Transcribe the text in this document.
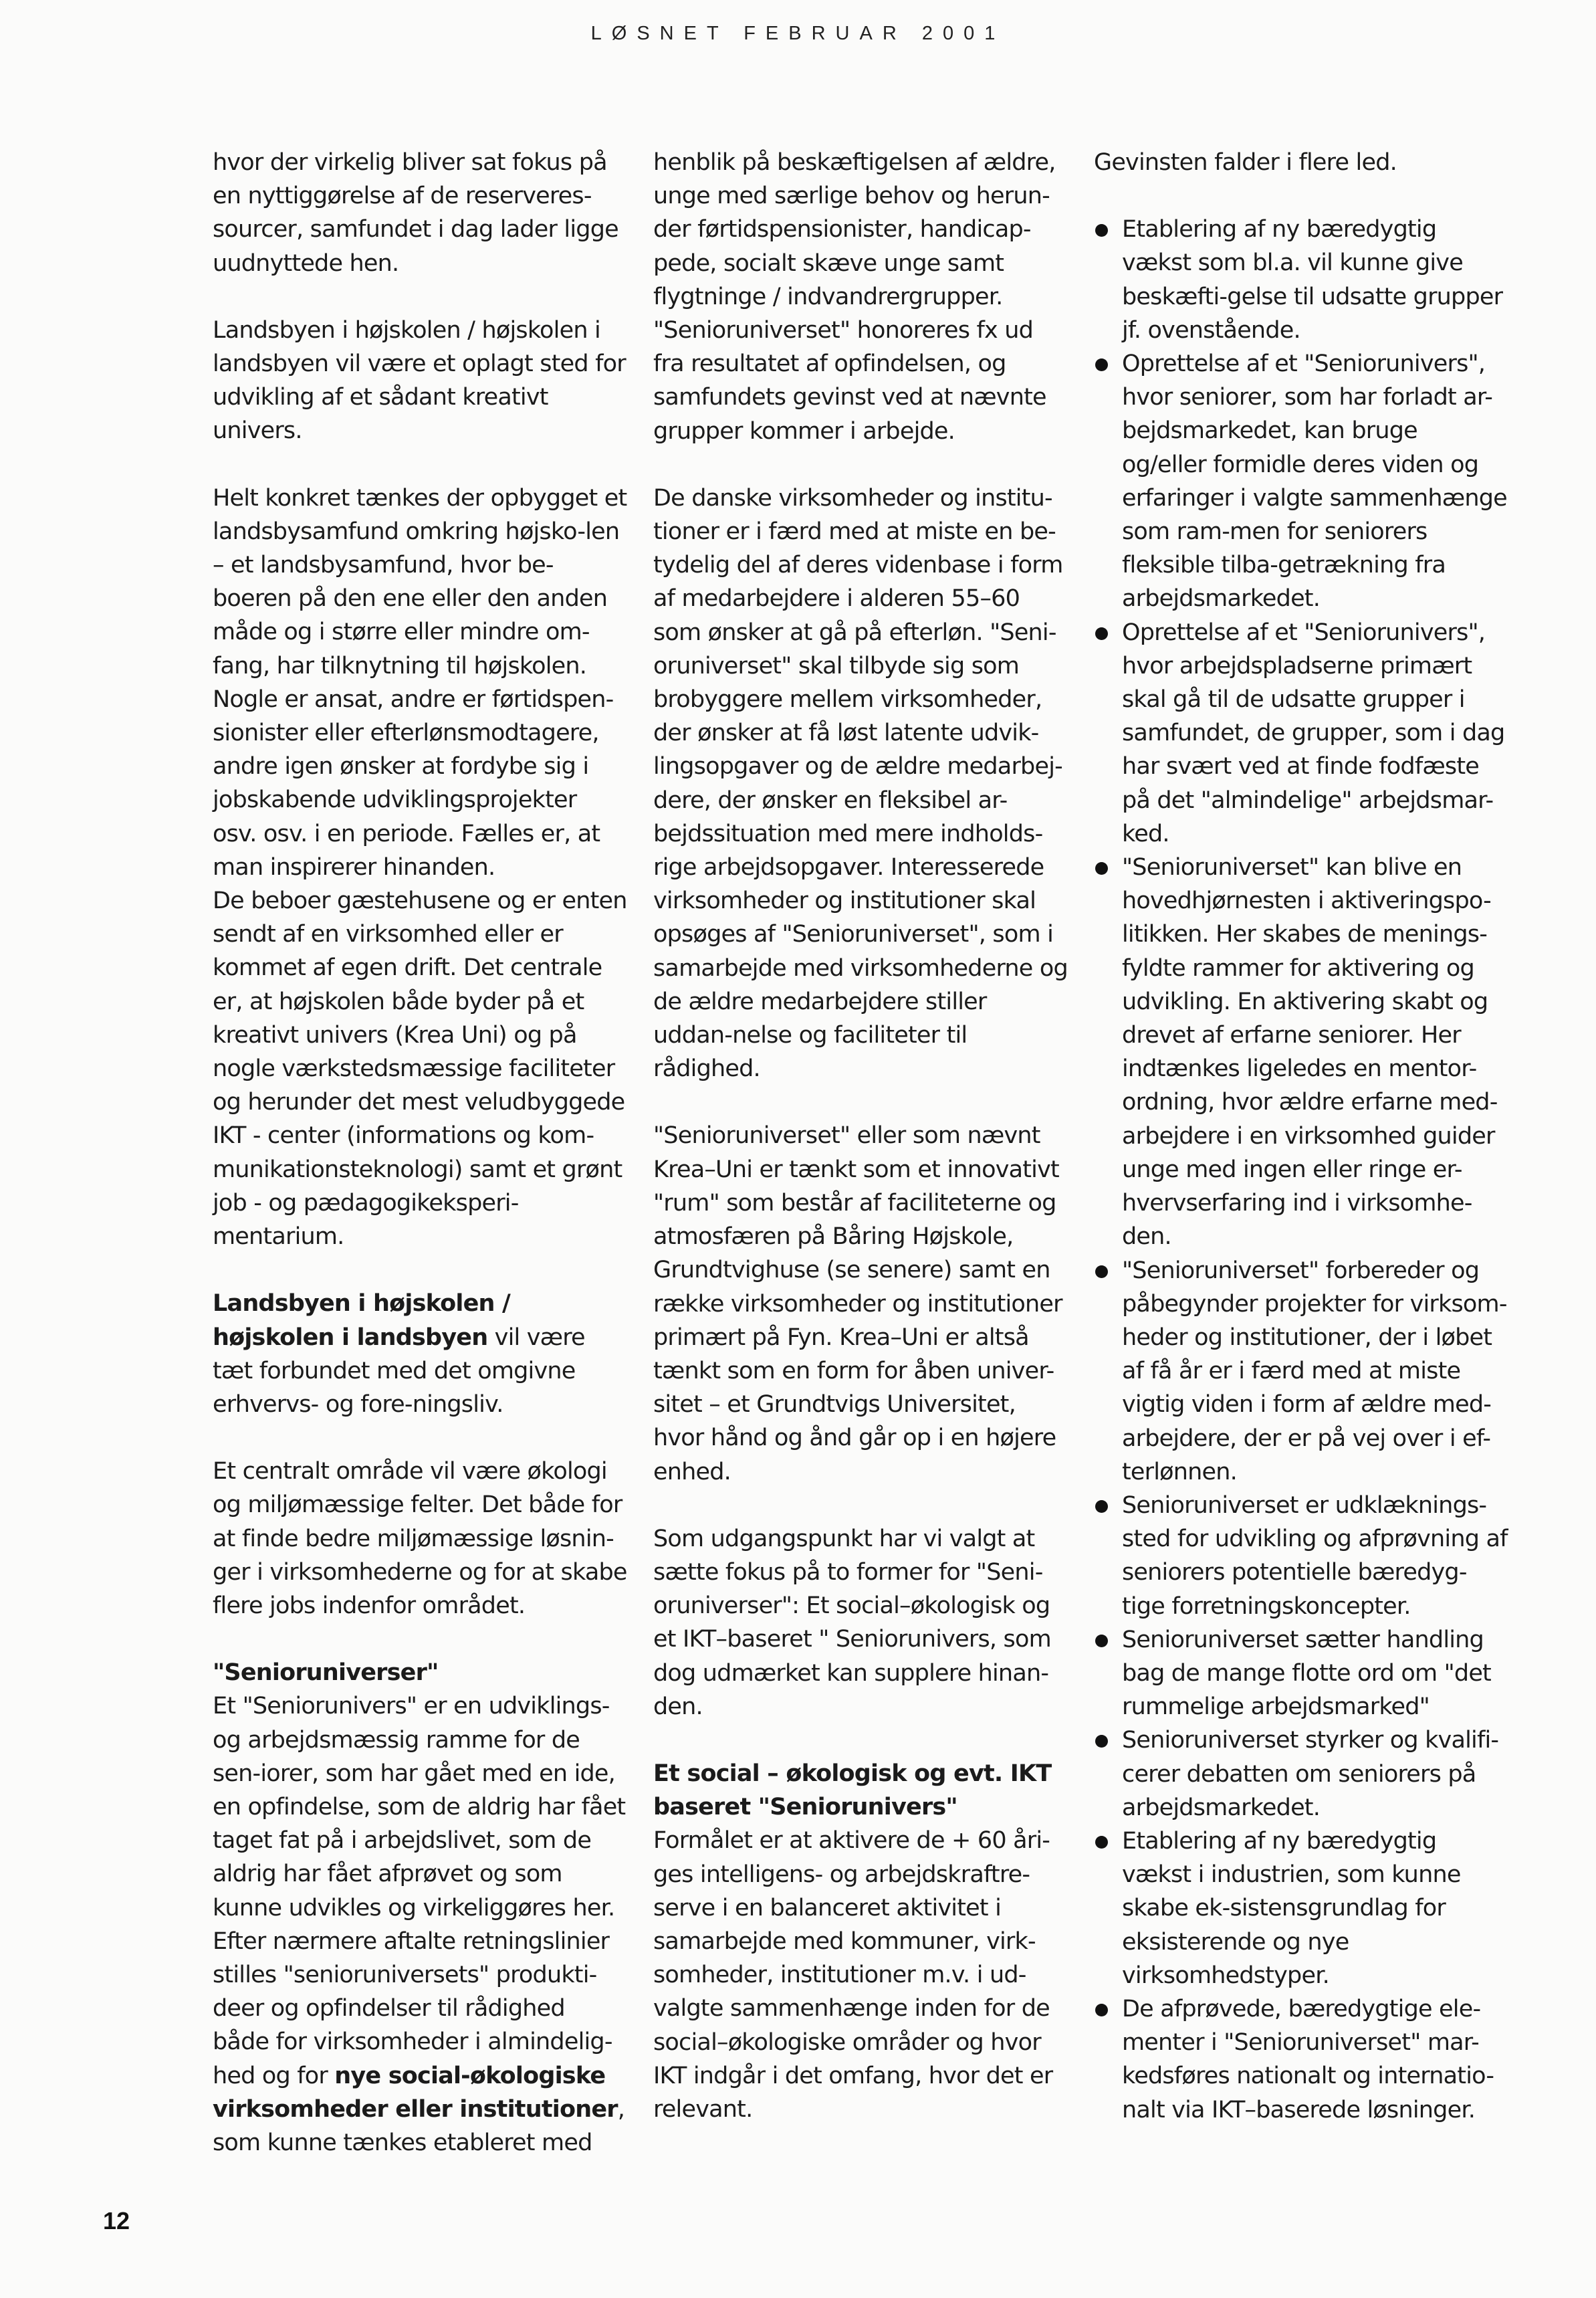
LØSNET FEBRUAR 2001

hvor der virkelig bliver sat fokus på en nyttiggørelse af de reserveres-sourcer, samfundet i dag lader ligge uudnyttede hen.

Landsbyen i højskolen / højskolen i landsbyen vil være et oplagt sted for udvikling af et sådant kreativt univers.

Helt konkret tænkes der opbygget et landsbysamfund omkring højsko-len – et landsbysamfund, hvor be-boeren på den ene eller den anden måde og i større eller mindre om-fang, har tilknytning til højskolen. Nogle er ansat, andre er førtidspen-sionister eller efterlønsmodtagere, andre igen ønsker at fordybe sig i jobskabende udviklingsprojekter osv. osv. i en periode. Fælles er, at man inspirerer hinanden.

De beboer gæstehusene og er enten sendt af en virksomhed eller er kommet af egen drift. Det centrale er, at højskolen både byder på et kreativt univers (Krea Uni) og på nogle værkstedsmæssige faciliteter og herunder det mest veludbyggede IKT - center (informations og kom-munikationsteknologi) samt et grønt job - og pædagogikeksperi-mentarium.

Landsbyen i højskolen / højskolen i landsbyen vil være tæt forbundet med det omgivne erhvervs- og fore-ningsliv.

Et centralt område vil være økologi og miljømæssige felter. Det både for at finde bedre miljømæssige løsnin-ger i virksomhederne og for at skabe flere jobs indenfor området.

"Senioruniverser"

Et "Seniorunivers" er en udviklings- og arbejdsmæssig ramme for de sen-iorer, som har gået med en ide, en opfindelse, som de aldrig har fået taget fat på i arbejdslivet, som de aldrig har fået afprøvet og som kunne udvikles og virkeliggøres her. Efter nærmere aftalte retningslinier stilles "senioruniversets" produkti-deer og opfindelser til rådighed både for virksomheder i almindelig-hed og for nye social-økologiske virksomheder eller institutioner, som kunne tænkes etableret med

henblik på beskæftigelsen af ældre, unge med særlige behov og herun-der førtidspensionister, handicap-pede, socialt skæve unge samt flygtninge / indvandrergrupper. "Senioruniverset" honoreres fx ud fra resultatet af opfindelsen, og samfundets gevinst ved at nævnte grupper kommer i arbejde.

De danske virksomheder og institu-tioner er i færd med at miste en be-tydelig del af deres videnbase i form af medarbejdere i alderen 55–60 som ønsker at gå på efterløn. "Seni-oruniverset" skal tilbyde sig som brobyggere mellem virksomheder, der ønsker at få løst latente udvik-lingsopgaver og de ældre medarbej-dere, der ønsker en fleksibel ar-bejdssituation med mere indholds-rige arbejdsopgaver. Interesserede virksomheder og institutioner skal opsøges af "Senioruniverset", som i samarbejde med virksomhederne og de ældre medarbejdere stiller uddan-nelse og faciliteter til rådighed.

"Senioruniverset" eller som nævnt Krea–Uni er tænkt som et innovativt "rum" som består af faciliteterne og atmosfæren på Båring Højskole, Grundtvighuse (se senere) samt en række virksomheder og institutioner primært på Fyn. Krea–Uni er altså tænkt som en form for åben univer-sitet – et Grundtvigs Universitet, hvor hånd og ånd går op i en højere enhed.

Som udgangspunkt har vi valgt at sætte fokus på to former for "Seni-oruniverser": Et social–økologisk og et IKT–baseret " Seniorunivers, som dog udmærket kan supplere hinan-den.

Et social – økologisk og evt. IKT baseret "Seniorunivers"

Formålet er at aktivere de + 60 åri-ges intelligens- og arbejdskraftre-serve i en balanceret aktivitet i samarbejde med kommuner, virk-somheder, institutioner m.v. i ud-valgte sammenhænge inden for de social–økologiske områder og hvor IKT indgår i det omfang, hvor det er relevant.

Gevinsten falder i flere led.

Etablering af ny bæredygtig vækst som bl.a. vil kunne give beskæfti-gelse til udsatte grupper jf. ovenstående.
Oprettelse af et "Seniorunivers", hvor seniorer, som har forladt ar-bejdsmarkedet, kan bruge og/eller formidle deres viden og erfaringer i valgte sammenhænge som ram-men for seniorers fleksible tilba-getrækning fra arbejdsmarkedet.
Oprettelse af et "Seniorunivers", hvor arbejdspladserne primært skal gå til de udsatte grupper i samfundet, de grupper, som i dag har svært ved at finde fodfæste på det "almindelige" arbejdsmar-ked.
"Senioruniverset" kan blive en hovedhjørnesten i aktiveringspo-litikken. Her skabes de menings-fyldte rammer for aktivering og udvikling. En aktivering skabt og drevet af erfarne seniorer. Her indtænkes ligeledes en mentor-ordning, hvor ældre erfarne med-arbejdere i en virksomhed guider unge med ingen eller ringe er-hvervserfaring ind i virksomhe-den.
"Senioruniverset" forbereder og påbegynder projekter for virksom-heder og institutioner, der i løbet af få år er i færd med at miste vigtig viden i form af ældre med-arbejdere, der er på vej over i ef-terlønnen.
Senioruniverset er udklæknings-sted for udvikling og afprøvning af seniorers potentielle bæredyg-tige forretningskoncepter.
Senioruniverset sætter handling bag de mange flotte ord om "det rummelige arbejdsmarked"
Senioruniverset styrker og kvalifi-cerer debatten om seniorers på arbejdsmarkedet.
Etablering af ny bæredygtig vækst i industrien, som kunne skabe ek-sistensgrundlag for eksisterende og nye virksomhedstyper.
De afprøvede, bæredygtige ele-menter i "Senioruniverset" mar-kedsføres nationalt og internatio-nalt via IKT–baserede løsninger.
12
